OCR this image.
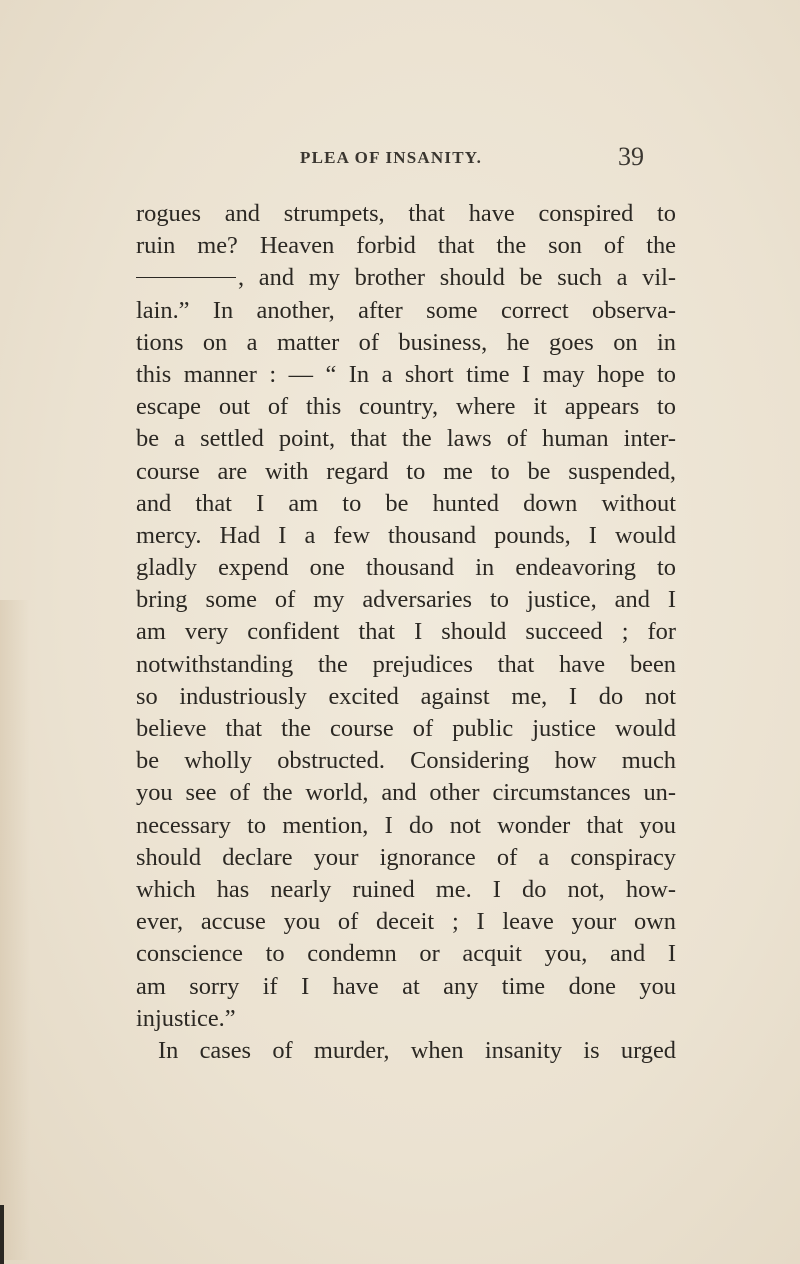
PLEA OF INSANITY.	39
rogues and strumpets, that have conspired to
ruin me? Heaven forbid that the son of the
, and my brother should be such a vil-
lain.” In another, after some correct observa-
tions on a matter of business, he goes on in
this manner : — “ In a short time I may hope to
escape out of this country, where it appears to
be a settled point, that the laws of human inter-
course are with regard to me to be suspended,
and that I am to be hunted down without
mercy. Had I a few thousand pounds, I would
gladly expend one thousand in endeavoring to
bring some of my adversaries to justice, and I
am very confident that I should succeed ; for
notwithstanding the prejudices that have been
so industriously excited against me, I do not
believe that the course of public justice would
be wholly obstructed. Considering how much
you see of the world, and other circumstances un-
necessary to mention, I do not wonder that you
should declare your ignorance of a conspiracy
which has nearly ruined me. I do not, how-
ever, accuse you of deceit ; I leave your own
conscience to condemn or acquit you, and I
am sorry if I have at any time done you
injustice.”
In cases of murder, when insanity is urged
